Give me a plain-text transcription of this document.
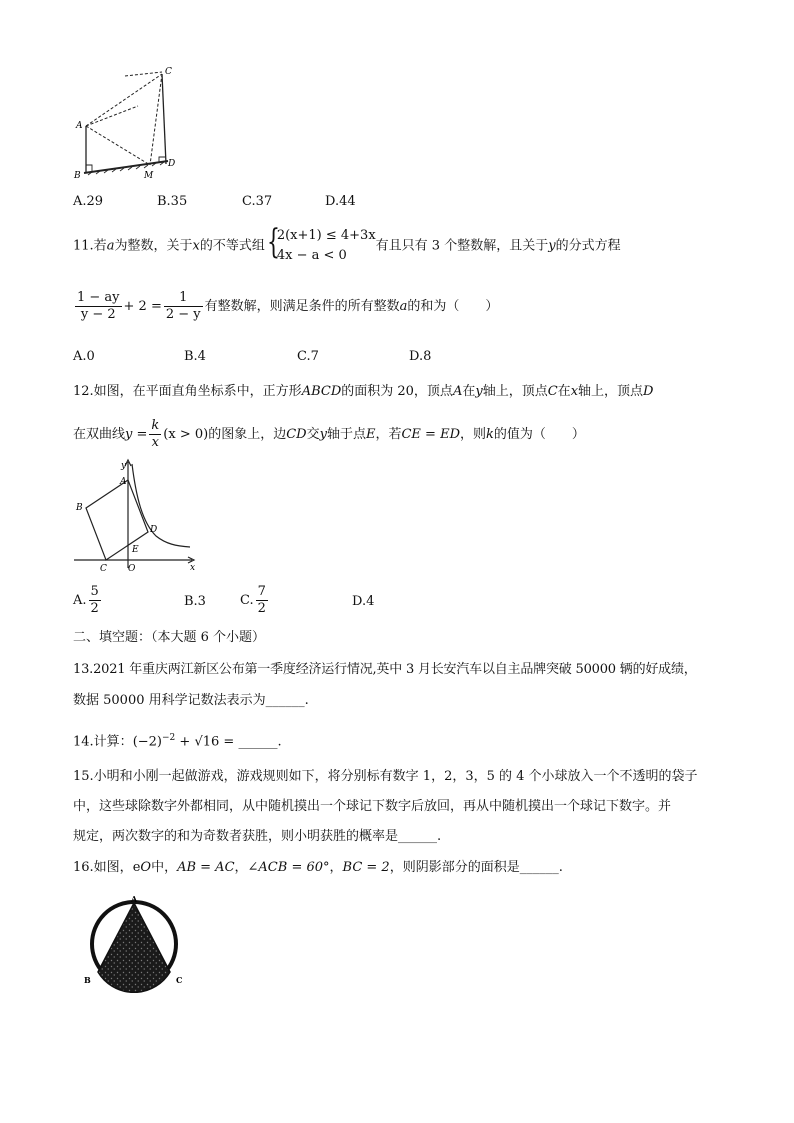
C
A
B	M
D
A.29	B.35	C.37	D.44
11.若a为整数，关于x的不等式组 {
2(x+1) ≤ 4+3x
4x − a < 0
有且只有 3 个整数解，且关于y的分式方程
$\frac{1 - ay}{y - 2} + 2 = \frac{1}{2 - y}$ 有整数解，则满足条件的所有整数a的和为（　　）
A.0	B.4	C.7	D.8
12.如图，在平面直角坐标系中，正方形ABCD的面积为 20，顶点A在y轴上，顶点C在x轴上，顶点D
在双曲线$y = \frac{k}{x} (x > 0)$的图象上，边CD交y轴于点E，若CE = ED，则k的值为（　　）
y
A
B
D
E
C O	x
A. $\frac{5}{2}$	B.3	C. $\frac{7}{2}$	D.4
二、填空题：（本大题 6 个小题）
13.2021 年重庆两江新区公布第一季度经济运行情况,英中 3 月长安汽车以自主品牌突破 50000 辆的好成绩，
数据 50000 用科学记数法表示为______.
14.计算：$(-2)^{-2} + √16$ = ______.
15.小明和小刚一起做游戏，游戏规则如下，将分别标有数字 1，2，3，5 的 4 个小球放入一个不透明的袋子
中，这些球除数字外都相同，从中随机摸出一个球记下数字后放回，再从中随机摸出一个球记下数字。并
规定，两次数字的和为奇数者获胜，则小明获胜的概率是______.
16.如图，eO中，AB = AC，∠ACB = 60°，BC = 2，则阴影部分的面积是______.
A
B	C
